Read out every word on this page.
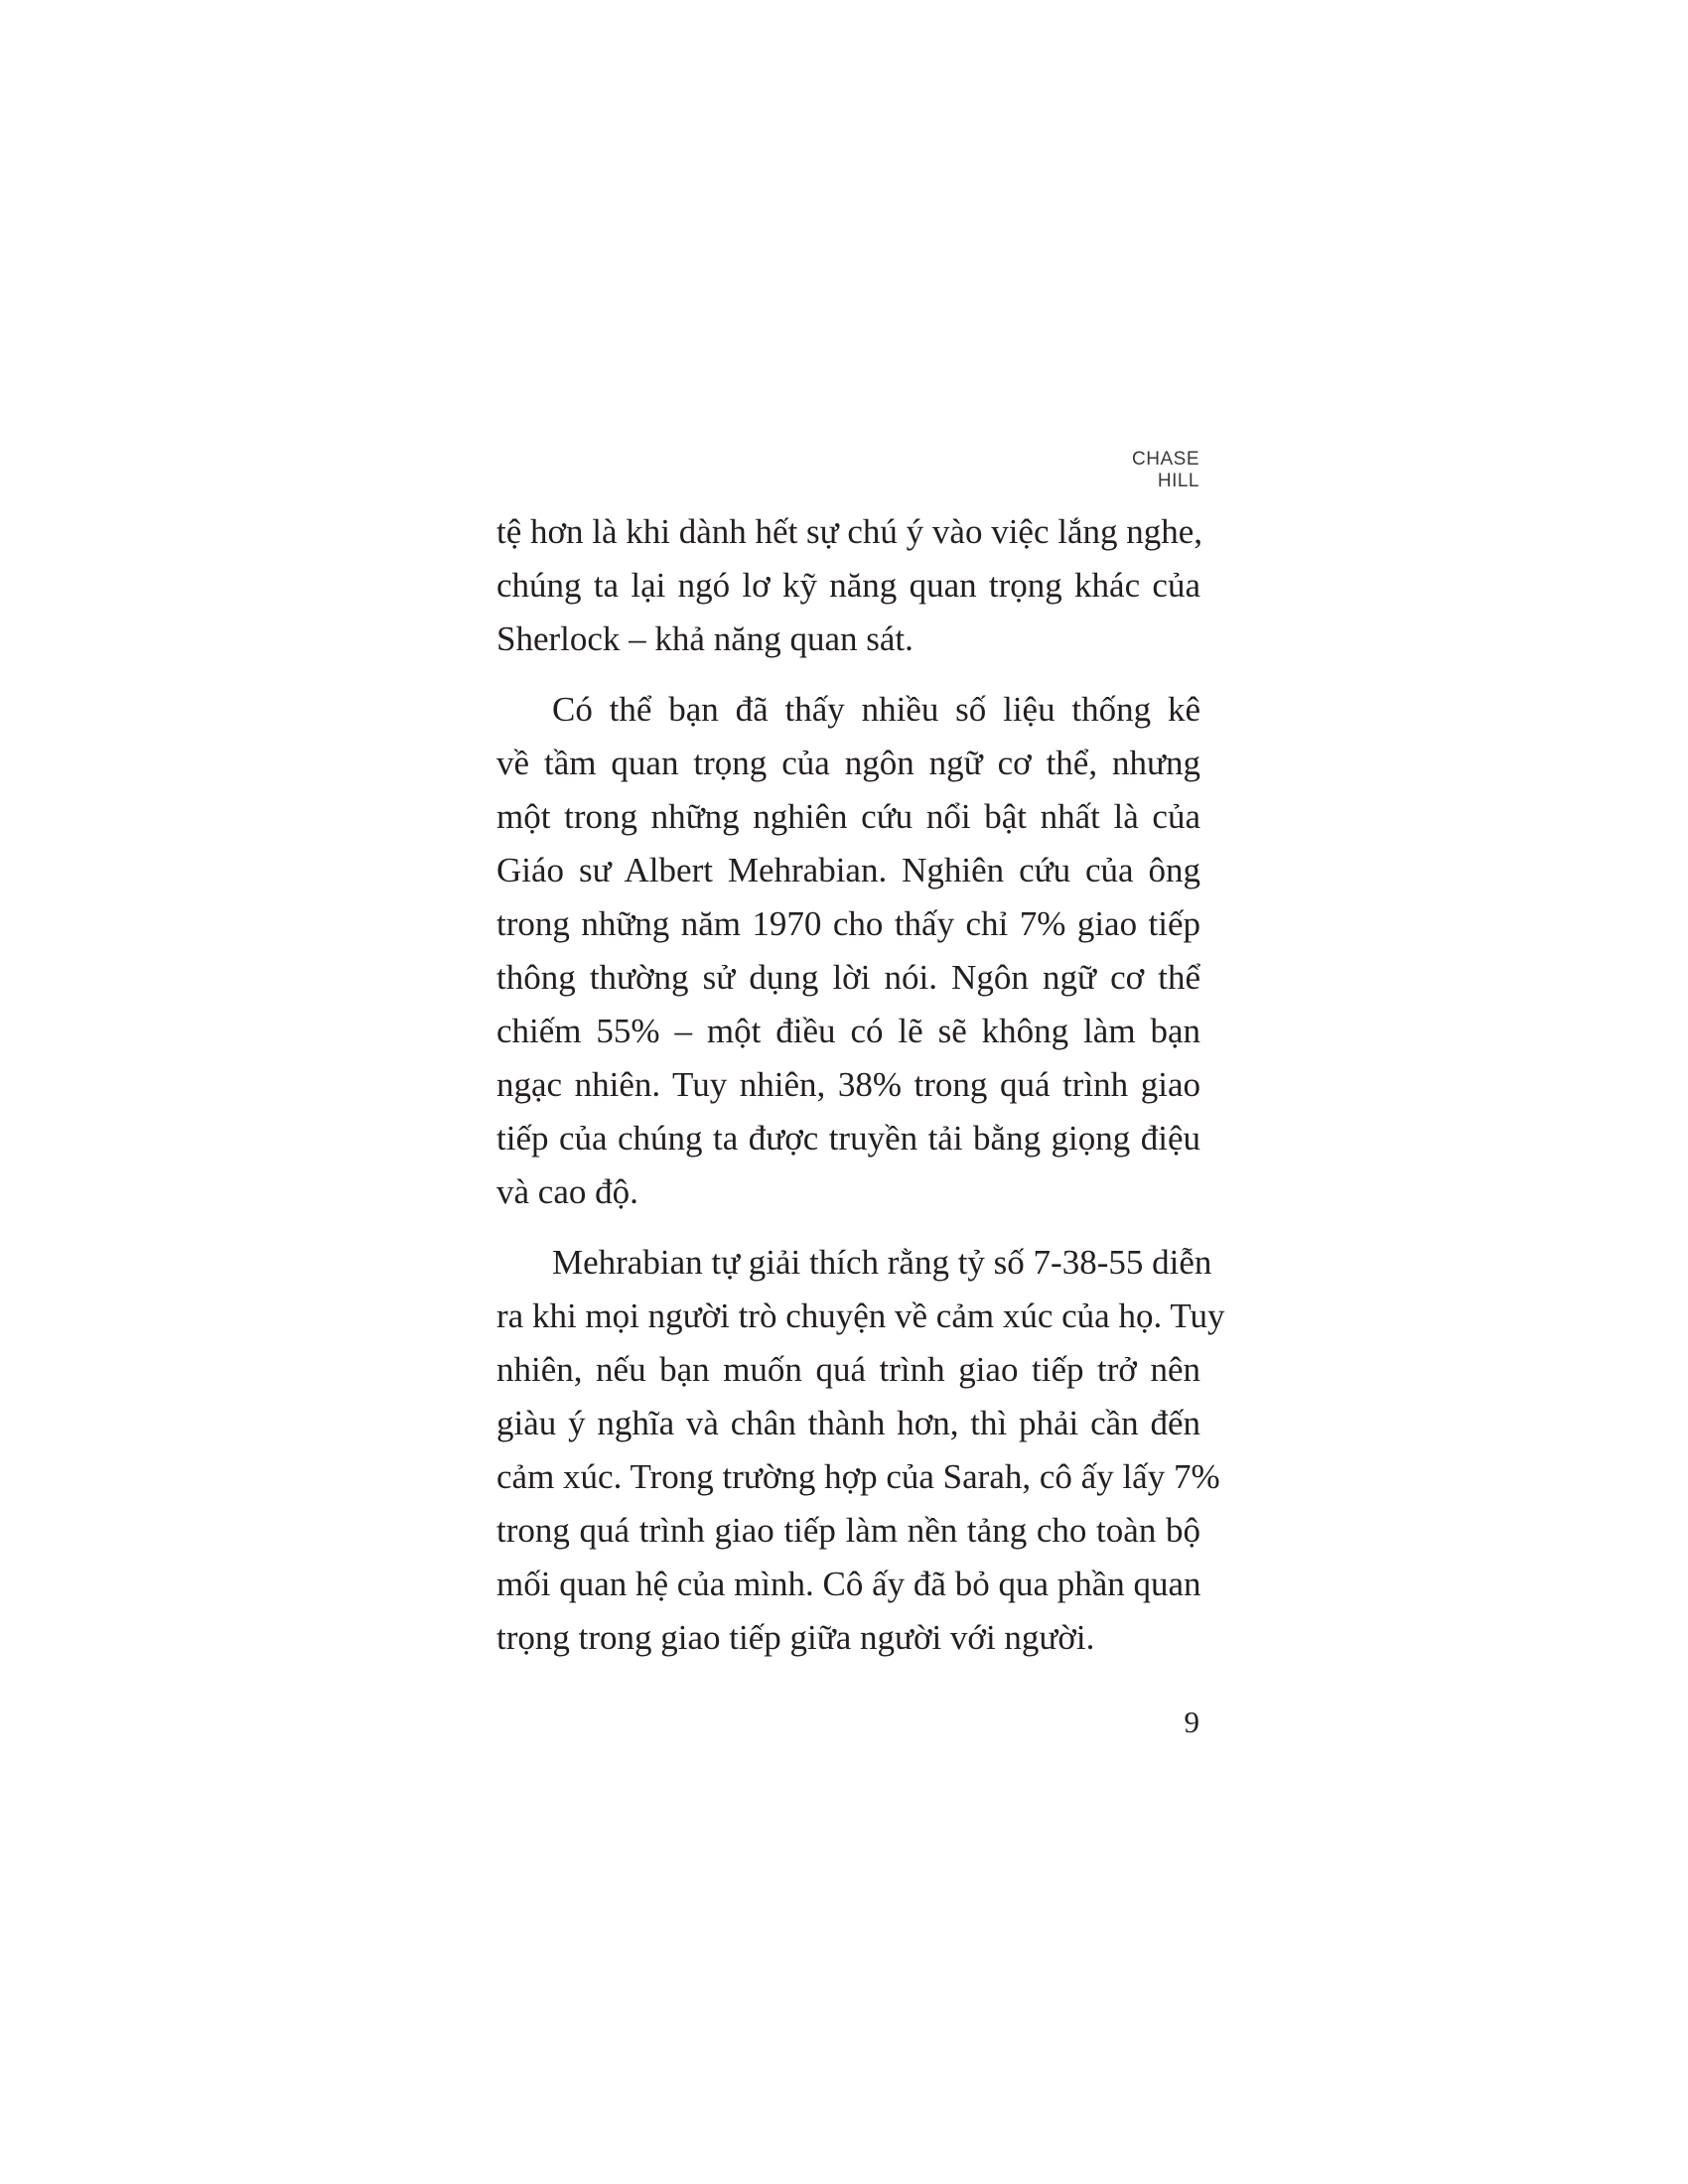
CHASE HILL
tệ hơn là khi dành hết sự chú ý vào việc lắng nghe,
chúng ta lại ngó lơ kỹ năng quan trọng khác của
Sherlock – khả năng quan sát.
Có thể bạn đã thấy nhiều số liệu thống kê
về tầm quan trọng của ngôn ngữ cơ thể, nhưng
một trong những nghiên cứu nổi bật nhất là của
Giáo sư Albert Mehrabian. Nghiên cứu của ông
trong những năm 1970 cho thấy chỉ 7% giao tiếp
thông thường sử dụng lời nói. Ngôn ngữ cơ thể
chiếm 55% – một điều có lẽ sẽ không làm bạn
ngạc nhiên. Tuy nhiên, 38% trong quá trình giao
tiếp của chúng ta được truyền tải bằng giọng điệu
và cao độ.
Mehrabian tự giải thích rằng tỷ số 7-38-55 diễn
ra khi mọi người trò chuyện về cảm xúc của họ. Tuy
nhiên, nếu bạn muốn quá trình giao tiếp trở nên
giàu ý nghĩa và chân thành hơn, thì phải cần đến
cảm xúc. Trong trường hợp của Sarah, cô ấy lấy 7%
trong quá trình giao tiếp làm nền tảng cho toàn bộ
mối quan hệ của mình. Cô ấy đã bỏ qua phần quan
trọng trong giao tiếp giữa người với người.
9
